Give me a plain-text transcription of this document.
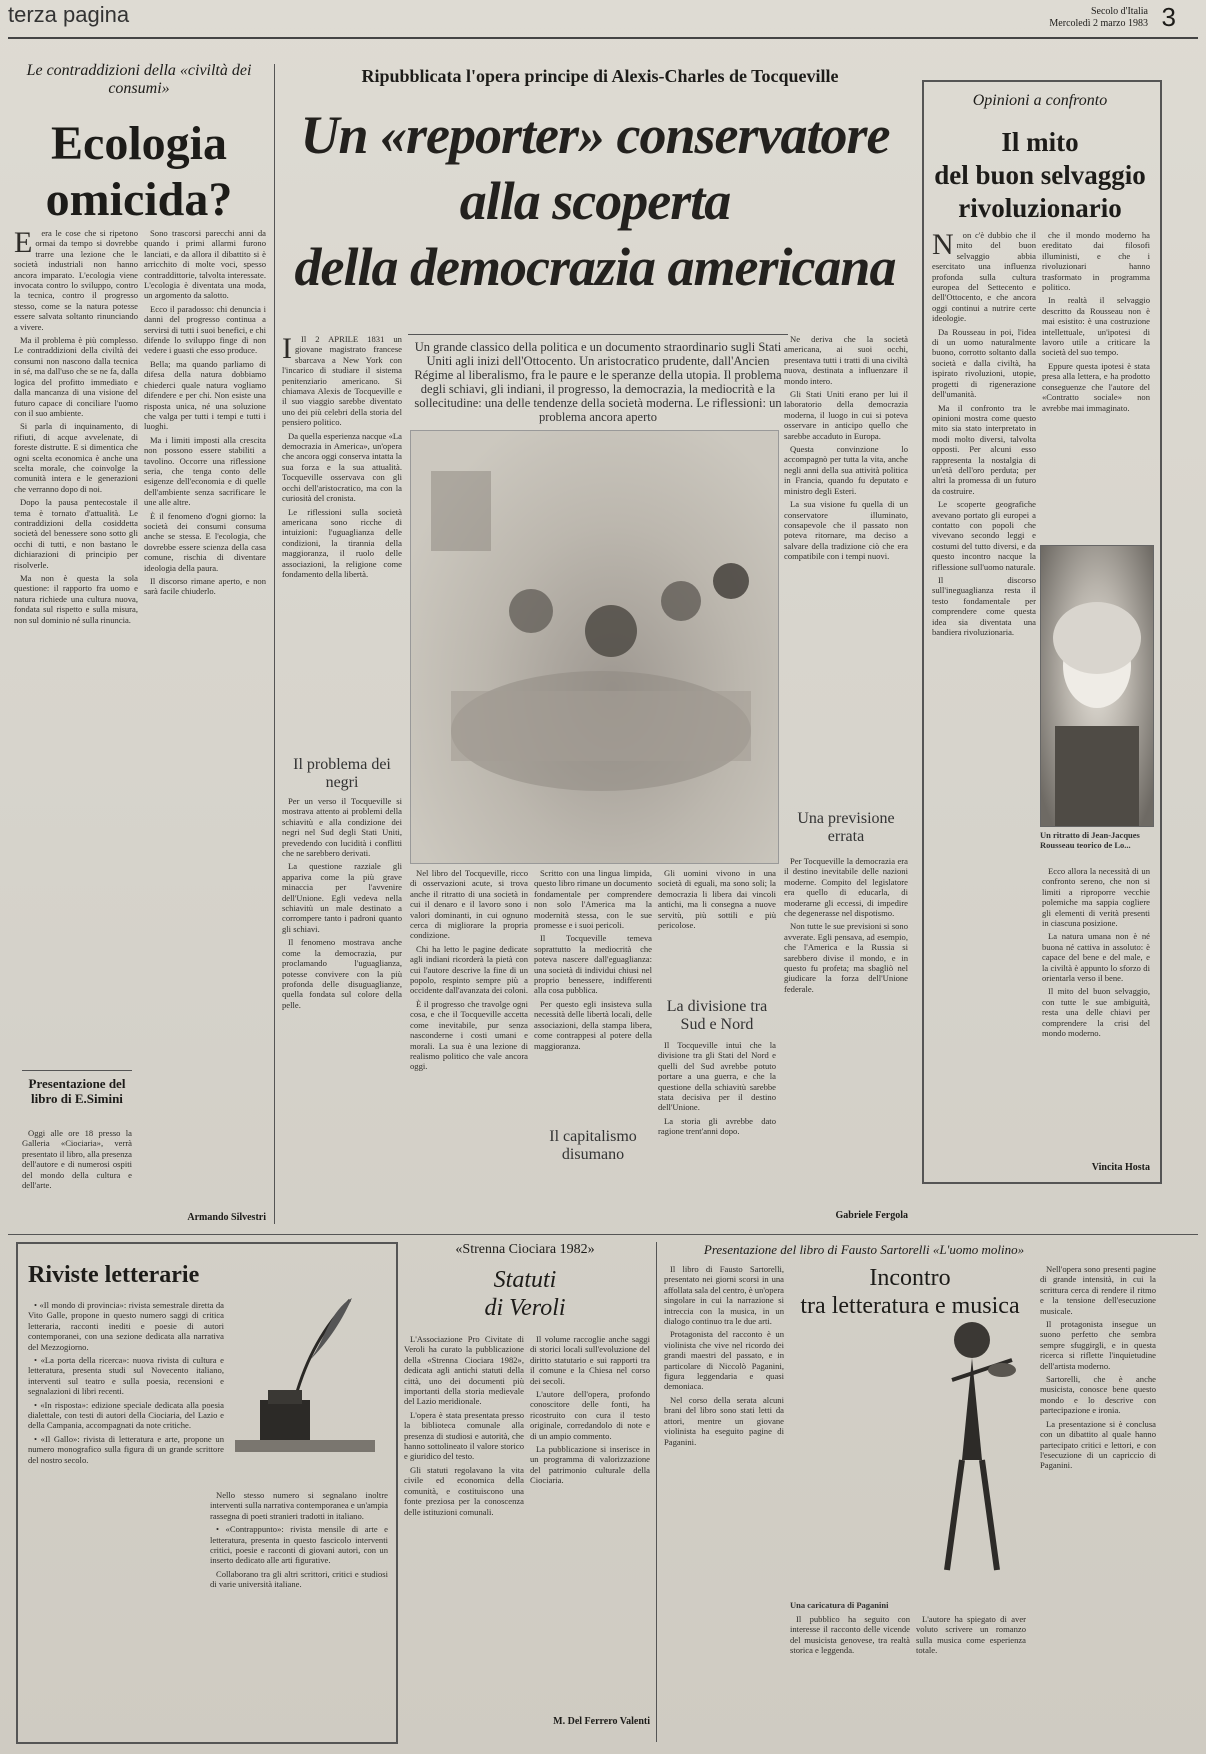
terza pagina	Secolo d'Italia
Mercoledì 2 marzo 1983 3
Le contraddizioni della «civiltà dei consumi»
Ecologia
omicida?
E	era le cose che si ripetono ormai da tempo si dovrebbe trarre una lezione che le società industriali non hanno ancora imparato. L'ecologia viene invocata contro lo sviluppo, contro la tecnica, contro il progresso stesso, come se la natura potesse essere salvata soltanto rinunciando a vivere.

Ma il problema è più complesso. Le contraddizioni della civiltà dei consumi non nascono dalla tecnica in sé, ma dall'uso che se ne fa, dalla logica del profitto immediato e dalla mancanza di una visione del futuro capace di conciliare l'uomo con il suo ambiente.

Si parla di inquinamento, di rifiuti, di acque avvelenate, di foreste distrutte. E si dimentica che ogni scelta economica è anche una scelta morale, che coinvolge la comunità intera e le generazioni che verranno dopo di noi.

Dopo la pausa pentecostale il tema è tornato d'attualità. Le contraddizioni della cosiddetta società del benessere sono sotto gli occhi di tutti, e non bastano le dichiarazioni di principio per risolverle.

Ma non è questa la sola questione: il rapporto fra uomo e natura richiede una cultura nuova, fondata sul rispetto e sulla misura, non sul dominio né sulla rinuncia.

Sono trascorsi parecchi anni da quando i primi allarmi furono lanciati, e da allora il dibattito si è arricchito di molte voci, spesso contraddittorie, talvolta interessate. L'ecologia è diventata una moda, un argomento da salotto.

Ecco il paradosso: chi denuncia i danni del progresso continua a servirsi di tutti i suoi benefici, e chi difende lo sviluppo finge di non vedere i guasti che esso produce.

Bella; ma quando parliamo di difesa della natura dobbiamo chiederci quale natura vogliamo difendere e per chi. Non esiste una risposta unica, né una soluzione che valga per tutti i tempi e tutti i luoghi.

Ma i limiti imposti alla crescita non possono essere stabiliti a tavolino. Occorre una riflessione seria, che tenga conto delle esigenze dell'economia e di quelle dell'ambiente senza sacrificare le une alle altre.

È il fenomeno d'ogni giorno: la società dei consumi consuma anche se stessa. E l'ecologia, che dovrebbe essere scienza della casa comune, rischia di diventare ideologia della paura.

Il discorso rimane aperto, e non sarà facile chiuderlo.

Presentazione del libro di E.Simini

Oggi alle ore 18 presso la Galleria «Ciociaria», verrà presentato il libro, alla presenza dell'autore e di numerosi ospiti del mondo della cultura e dell'arte.

Armando Silvestri
Ripubblicata l'opera principe di Alexis-Charles de Tocqueville
Un «reporter» conservatore
alla scoperta
della democrazia americana
Un grande classico della politica e un documento straordinario sugli Stati Uniti agli inizi dell'Ottocento. Un aristocratico prudente, dall'Ancien Régime al liberalismo, fra le paure e le speranze della utopia. Il problema degli schiavi, gli indiani, il progresso, la democrazia, la mediocrità e la sollecitudine: una delle tendenze della società moderna. Le riflessioni: un problema ancora aperto
I	Il 2 APRILE 1831 un giovane magistrato francese sbarcava a New York con l'incarico di studiare il sistema penitenziario americano. Si chiamava Alexis de Tocqueville e il suo viaggio sarebbe diventato uno dei più celebri della storia del pensiero politico.

Da quella esperienza nacque «La democrazia in America», un'opera che ancora oggi conserva intatta la sua forza e la sua attualità. Tocqueville osservava con gli occhi dell'aristocratico, ma con la curiosità del cronista.

Le riflessioni sulla società americana sono ricche di intuizioni: l'uguaglianza delle condizioni, la tirannia della maggioranza, il ruolo delle associazioni, la religione come fondamento della libertà.

Il problema dei negri

Per un verso il Tocqueville si mostrava attento ai problemi della schiavitù e alla condizione dei negri nel Sud degli Stati Uniti, prevedendo con lucidità i conflitti che ne sarebbero derivati.

La questione razziale gli appariva come la più grave minaccia per l'avvenire dell'Unione. Egli vedeva nella schiavitù un male destinato a corrompere tanto i padroni quanto gli schiavi.

Il fenomeno mostrava anche come la democrazia, pur proclamando l'uguaglianza, potesse convivere con la più profonda delle disuguaglianze, quella fondata sul colore della pelle.

Nel libro del Tocqueville, ricco di osservazioni acute, si trova anche il ritratto di una società in cui il denaro e il lavoro sono i valori dominanti, in cui ognuno cerca di migliorare la propria condizione.

Chi ha letto le pagine dedicate agli indiani ricorderà la pietà con cui l'autore descrive la fine di un popolo, respinto sempre più a occidente dall'avanzata dei coloni.

È il progresso che travolge ogni cosa, e che il Tocqueville accetta come inevitabile, pur senza nasconderne i costi umani e morali. La sua è una lezione di realismo politico che vale ancora oggi.

Scritto con una lingua limpida, questo libro rimane un documento fondamentale per comprendere non solo l'America ma la modernità stessa, con le sue promesse e i suoi pericoli.

Il Tocqueville temeva soprattutto la mediocrità che poteva nascere dall'eguaglianza: una società di individui chiusi nel proprio benessere, indifferenti alla cosa pubblica.

Per questo egli insisteva sulla necessità delle libertà locali, delle associazioni, della stampa libera, come contrappesi al potere della maggioranza.

Il capitalismo disumano

Gli uomini vivono in una società di eguali, ma sono soli; la democrazia li libera dai vincoli antichi, ma li consegna a nuove servitù, più sottili e più pericolose.

La divisione tra Sud e Nord

Il Tocqueville intuì che la divisione tra gli Stati del Nord e quelli del Sud avrebbe potuto portare a una guerra, e che la questione della schiavitù sarebbe stata decisiva per il destino dell'Unione.

La storia gli avrebbe dato ragione trent'anni dopo.

Ne deriva che la società americana, ai suoi occhi, presentava tutti i tratti di una civiltà nuova, destinata a influenzare il mondo intero.

Gli Stati Uniti erano per lui il laboratorio della democrazia moderna, il luogo in cui si poteva osservare in anticipo quello che sarebbe accaduto in Europa.

Questa convinzione lo accompagnò per tutta la vita, anche negli anni della sua attività politica in Francia, quando fu deputato e ministro degli Esteri.

La sua visione fu quella di un conservatore illuminato, consapevole che il passato non poteva ritornare, ma deciso a salvare della tradizione ciò che era compatibile con i tempi nuovi.

Una previsione errata

Per Tocqueville la democrazia era il destino inevitabile delle nazioni moderne. Compito del legislatore era quello di educarla, di moderarne gli eccessi, di impedire che degenerasse nel dispotismo.

Non tutte le sue previsioni si sono avverate. Egli pensava, ad esempio, che l'America e la Russia si sarebbero divise il mondo, e in questo fu profeta; ma sbagliò nel giudicare la forza dell'Unione federale.

Gabriele Fergola
Opinioni a confronto
Il mito
del buon selvaggio
rivoluzionario
N	on c'è dubbio che il mito del buon selvaggio abbia esercitato una influenza profonda sulla cultura europea del Settecento e dell'Ottocento, e che ancora oggi continui a nutrire certe ideologie.

Da Rousseau in poi, l'idea di un uomo naturalmente buono, corrotto soltanto dalla società e dalla civiltà, ha ispirato rivoluzioni, utopie, progetti di rigenerazione dell'umanità.

Ma il confronto tra le opinioni mostra come questo mito sia stato interpretato in modi molto diversi, talvolta opposti. Per alcuni esso rappresenta la nostalgia di un'età dell'oro perduta; per altri la promessa di un futuro da costruire.

Le scoperte geografiche avevano portato gli europei a contatto con popoli che vivevano secondo leggi e costumi del tutto diversi, e da questo incontro nacque la riflessione sull'uomo naturale.

Il discorso sull'ineguaglianza resta il testo fondamentale per comprendere come questa idea sia diventata una bandiera rivoluzionaria.

che il mondo moderno ha ereditato dai filosofi illuministi, e che i rivoluzionari hanno trasformato in programma politico.

In realtà il selvaggio descritto da Rousseau non è mai esistito: è una costruzione intellettuale, un'ipotesi di lavoro utile a criticare la società del suo tempo.

Eppure questa ipotesi è stata presa alla lettera, e ha prodotto conseguenze che l'autore del «Contratto sociale» non avrebbe mai immaginato.

Un ritratto di Jean-Jacques Rousseau teorico de Lo...

Ecco allora la necessità di un confronto sereno, che non si limiti a riproporre vecchie polemiche ma sappia cogliere gli elementi di verità presenti in ciascuna posizione.

La natura umana non è né buona né cattiva in assoluto: è capace del bene e del male, e la civiltà è appunto lo sforzo di orientarla verso il bene.

Il mito del buon selvaggio, con tutte le sue ambiguità, resta una delle chiavi per comprendere la crisi del mondo moderno.

Vincita Hosta
Riviste letterarie

• «Il mondo di provincia»: rivista semestrale diretta da Vito Galle, propone in questo numero saggi di critica letteraria, racconti inediti e poesie di autori contemporanei, con una sezione dedicata alla narrativa del Mezzogiorno.

• «La porta della ricerca»: nuova rivista di cultura e letteratura, presenta studi sul Novecento italiano, interventi sul teatro e sulla poesia, recensioni e segnalazioni di libri recenti.

• «In risposta»: edizione speciale dedicata alla poesia dialettale, con testi di autori della Ciociaria, del Lazio e della Campania, accompagnati da note critiche.

• «Il Gallo»: rivista di letteratura e arte, propone un numero monografico sulla figura di un grande scrittore del nostro secolo.

Nello stesso numero si segnalano inoltre interventi sulla narrativa contemporanea e un'ampia rassegna di poeti stranieri tradotti in italiano.

• «Contrappunto»: rivista mensile di arte e letteratura, presenta in questo fascicolo interventi critici, poesie e racconti di giovani autori, con un inserto dedicato alle arti figurative.

Collaborano tra gli altri scrittori, critici e studiosi di varie università italiane.

«Strenna Ciociara 1982»
Statuti
di Veroli

L'Associazione Pro Civitate di Veroli ha curato la pubblicazione della «Strenna Ciociara 1982», dedicata agli antichi statuti della città, uno dei documenti più importanti della storia medievale del Lazio meridionale.

L'opera è stata presentata presso la biblioteca comunale alla presenza di studiosi e autorità, che hanno sottolineato il valore storico e giuridico del testo.

Gli statuti regolavano la vita civile ed economica della comunità, e costituiscono una fonte preziosa per la conoscenza delle istituzioni comunali.

Il volume raccoglie anche saggi di storici locali sull'evoluzione del diritto statutario e sui rapporti tra il comune e la Chiesa nel corso dei secoli.

L'autore dell'opera, profondo conoscitore delle fonti, ha ricostruito con cura il testo originale, corredandolo di note e di un ampio commento.

La pubblicazione si inserisce in un programma di valorizzazione del patrimonio culturale della Ciociaria.

M. Del Ferrero Valenti
Presentazione del libro di Fausto Sartorelli «L'uomo molino»
Incontro
tra letteratura e musica

Il libro di Fausto Sartorelli, presentato nei giorni scorsi in una affollata sala del centro, è un'opera singolare in cui la narrazione si intreccia con la musica, in un dialogo continuo tra le due arti.

Protagonista del racconto è un violinista che vive nel ricordo dei grandi maestri del passato, e in particolare di Niccolò Paganini, figura leggendaria e quasi demoniaca.

Nel corso della serata alcuni brani del libro sono stati letti da attori, mentre un giovane violinista ha eseguito pagine di Paganini.

Una caricatura di Paganini

Il pubblico ha seguito con interesse il racconto delle vicende del musicista genovese, tra realtà storica e leggenda.

L'autore ha spiegato di aver voluto scrivere un romanzo sulla musica come esperienza totale.

Nell'opera sono presenti pagine di grande intensità, in cui la scrittura cerca di rendere il ritmo e la tensione dell'esecuzione musicale.

Il protagonista insegue un suono perfetto che sembra sempre sfuggirgli, e in questa ricerca si riflette l'inquietudine dell'artista moderno.

Sartorelli, che è anche musicista, conosce bene questo mondo e lo descrive con partecipazione e ironia.

La presentazione si è conclusa con un dibattito al quale hanno partecipato critici e lettori, e con l'esecuzione di un capriccio di Paganini.
